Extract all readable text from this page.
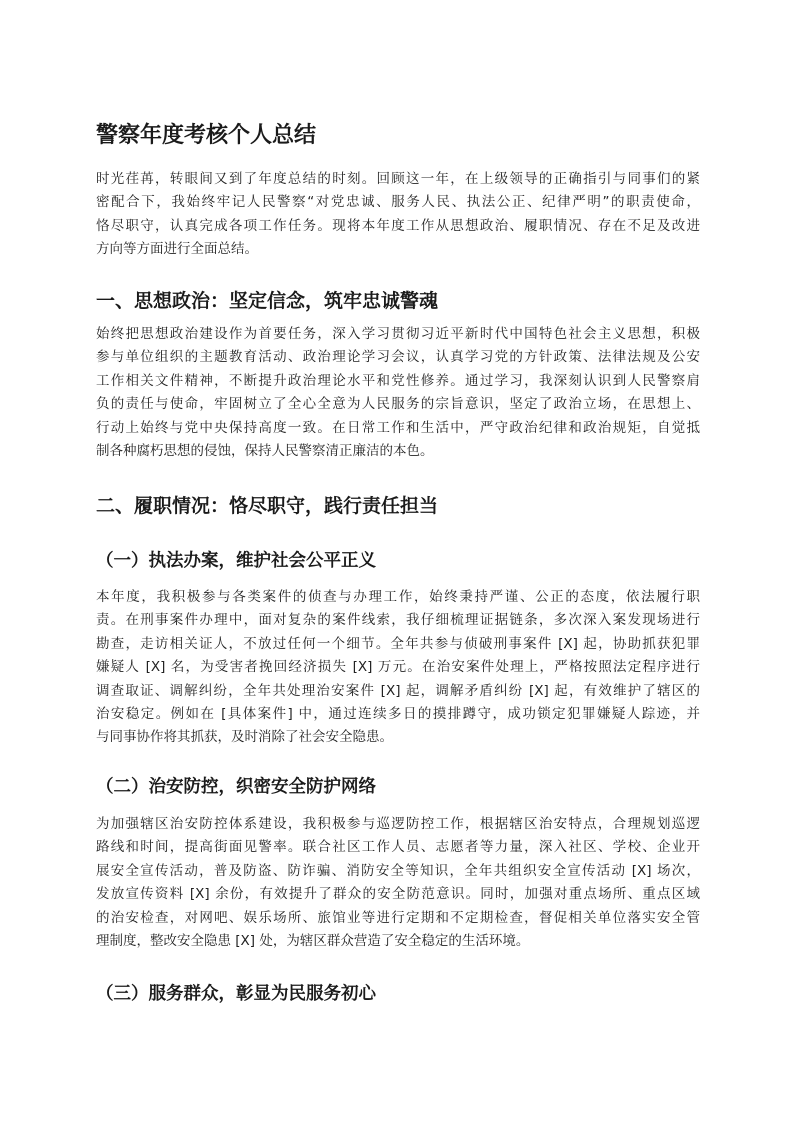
警察年度考核个人总结
时光荏苒，转眼间又到了年度总结的时刻。回顾这一年，在上级领导的正确指引与同事们的紧
密配合下，我始终牢记人民警察“对党忠诚、服务人民、执法公正、纪律严明”的职责使命，
恪尽职守，认真完成各项工作任务。现将本年度工作从思想政治、履职情况、存在不足及改进
方向等方面进行全面总结。
一、思想政治：坚定信念，筑牢忠诚警魂
始终把思想政治建设作为首要任务，深入学习贯彻习近平新时代中国特色社会主义思想，积极
参与单位组织的主题教育活动、政治理论学习会议，认真学习党的方针政策、法律法规及公安
工作相关文件精神，不断提升政治理论水平和党性修养。通过学习，我深刻认识到人民警察肩
负的责任与使命，牢固树立了全心全意为人民服务的宗旨意识，坚定了政治立场，在思想上、
行动上始终与党中央保持高度一致。在日常工作和生活中，严守政治纪律和政治规矩，自觉抵
制各种腐朽思想的侵蚀，保持人民警察清正廉洁的本色。
二、履职情况：恪尽职守，践行责任担当
（一）执法办案，维护社会公平正义
本年度，我积极参与各类案件的侦查与办理工作，始终秉持严谨、公正的态度，依法履行职
责。在刑事案件办理中，面对复杂的案件线索，我仔细梳理证据链条，多次深入案发现场进行
勘查，走访相关证人，不放过任何一个细节。全年共参与侦破刑事案件 [X] 起，协助抓获犯罪
嫌疑人 [X] 名，为受害者挽回经济损失 [X] 万元。在治安案件处理上，严格按照法定程序进行
调查取证、调解纠纷，全年共处理治安案件 [X] 起，调解矛盾纠纷 [X] 起，有效维护了辖区的
治安稳定。例如在 [具体案件] 中，通过连续多日的摸排蹲守，成功锁定犯罪嫌疑人踪迹，并
与同事协作将其抓获，及时消除了社会安全隐患。
（二）治安防控，织密安全防护网络
为加强辖区治安防控体系建设，我积极参与巡逻防控工作，根据辖区治安特点，合理规划巡逻
路线和时间，提高街面见警率。联合社区工作人员、志愿者等力量，深入社区、学校、企业开
展安全宣传活动，普及防盗、防诈骗、消防安全等知识，全年共组织安全宣传活动 [X] 场次，
发放宣传资料 [X] 余份，有效提升了群众的安全防范意识。同时，加强对重点场所、重点区域
的治安检查，对网吧、娱乐场所、旅馆业等进行定期和不定期检查，督促相关单位落实安全管
理制度，整改安全隐患 [X] 处，为辖区群众营造了安全稳定的生活环境。
（三）服务群众，彰显为民服务初心
